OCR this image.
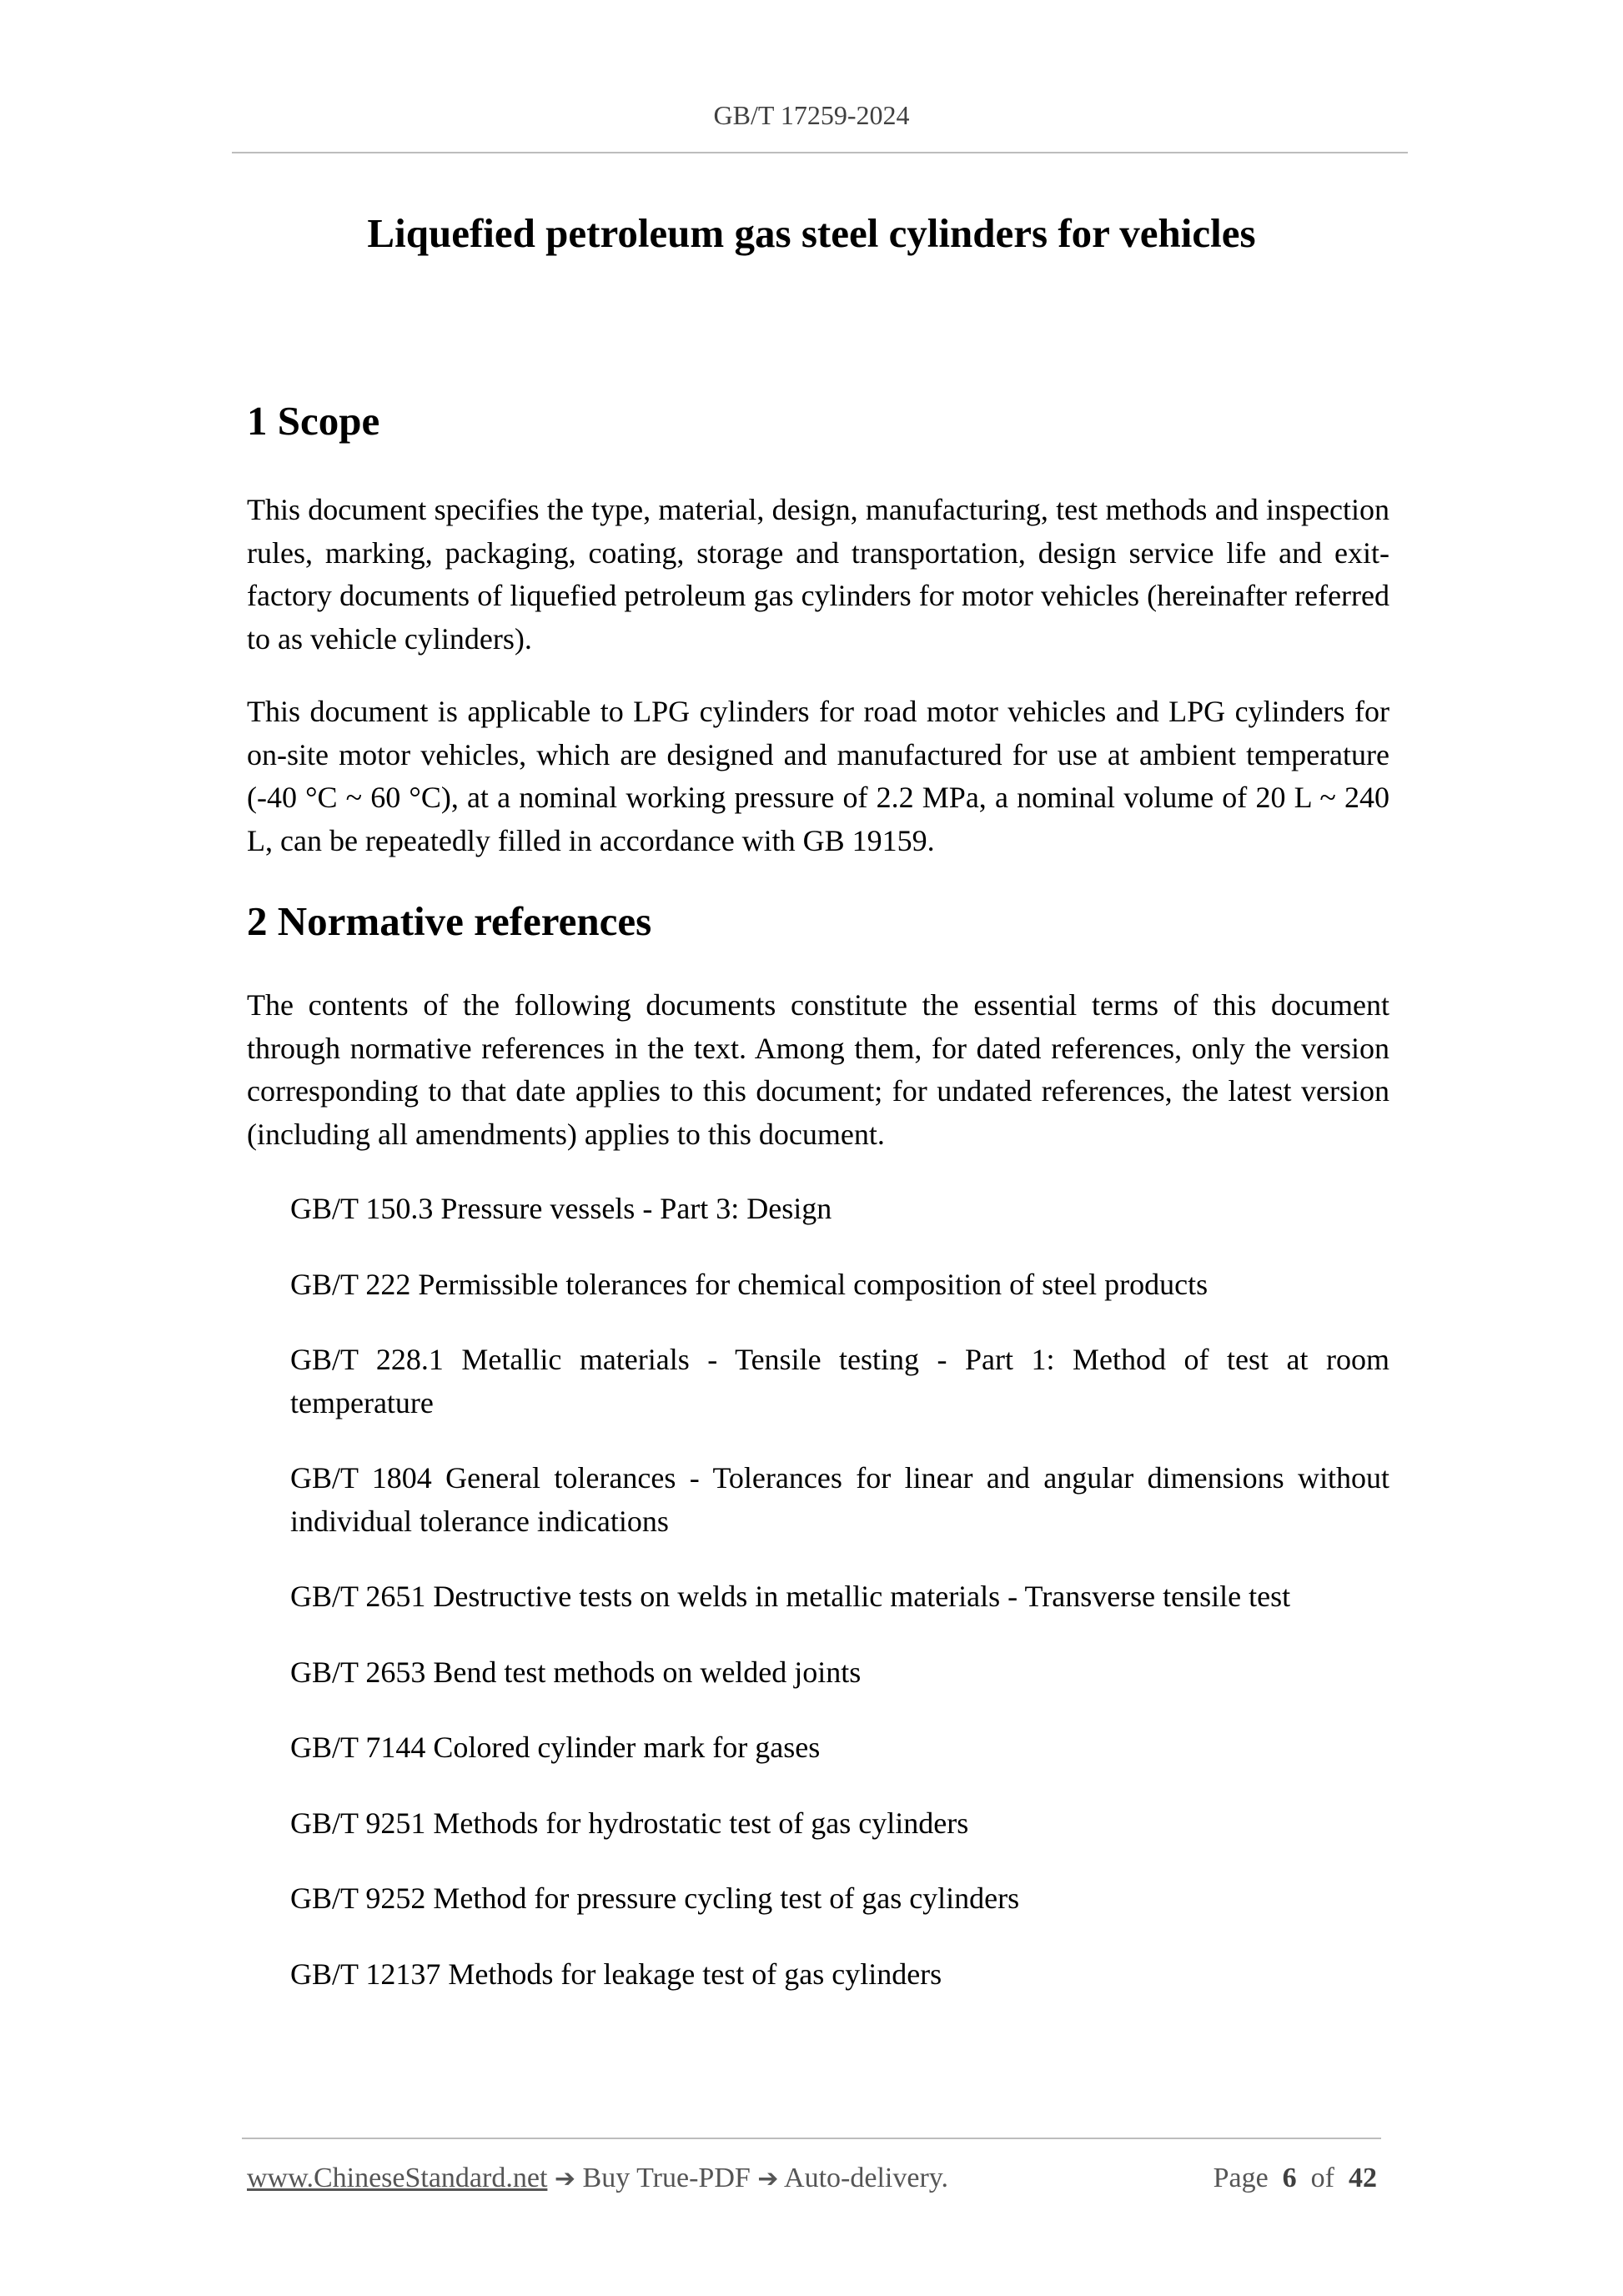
GB/T 17259-2024
Liquefied petroleum gas steel cylinders for vehicles
1 Scope

This document specifies the type, material, design, manufacturing, test methods and inspection rules, marking, packaging, coating, storage and transportation, design service life and exit-factory documents of liquefied petroleum gas cylinders for motor vehicles (hereinafter referred to as vehicle cylinders).

This document is applicable to LPG cylinders for road motor vehicles and LPG cylinders for on-site motor vehicles, which are designed and manufactured for use at ambient temperature (-40 °C ~ 60 °C), at a nominal working pressure of 2.2 MPa, a nominal volume of 20 L ~ 240 L, can be repeatedly filled in accordance with GB 19159.

2 Normative references

The contents of the following documents constitute the essential terms of this document through normative references in the text. Among them, for dated references, only the version corresponding to that date applies to this document; for undated references, the latest version (including all amendments) applies to this document.

GB/T 150.3 Pressure vessels - Part 3: Design
GB/T 222 Permissible tolerances for chemical composition of steel products
GB/T 228.1 Metallic materials - Tensile testing - Part 1: Method of test at room temperature
GB/T 1804 General tolerances - Tolerances for linear and angular dimensions without individual tolerance indications
GB/T 2651 Destructive tests on welds in metallic materials - Transverse tensile test
GB/T 2653 Bend test methods on welded joints
GB/T 7144 Colored cylinder mark for gases
GB/T 9251 Methods for hydrostatic test of gas cylinders
GB/T 9252 Method for pressure cycling test of gas cylinders
GB/T 12137 Methods for leakage test of gas cylinders
www.ChineseStandard.net ➔ Buy True-PDF ➔ Auto-delivery.	Page 6 of 42
